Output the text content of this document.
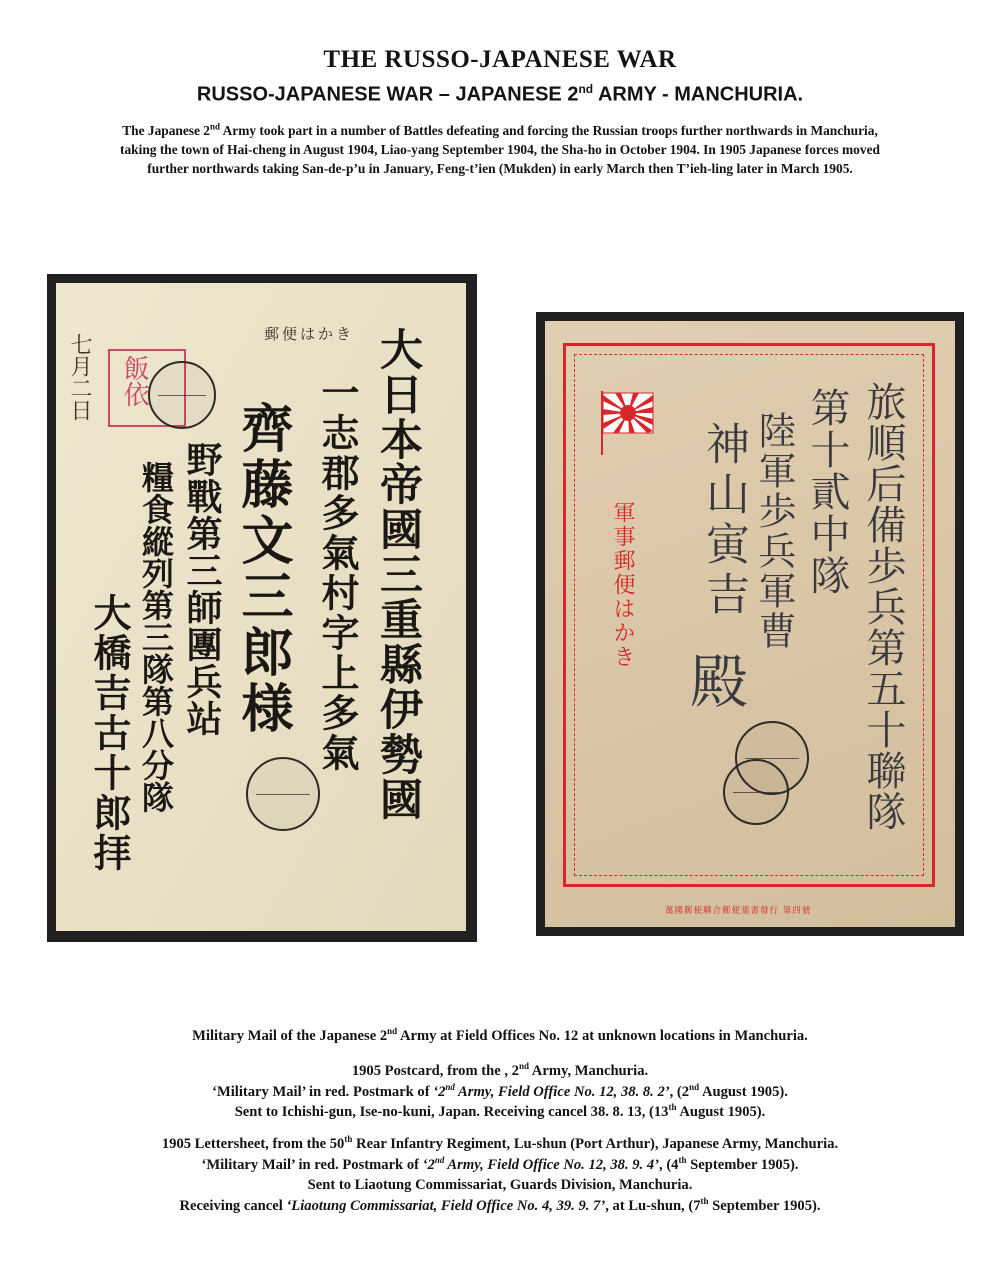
THE RUSSO-JAPANESE WAR
RUSSO-JAPANESE WAR – JAPANESE 2nd ARMY - MANCHURIA.
The Japanese 2nd Army took part in a number of Battles defeating and forcing the Russian troops further northwards in Manchuria,
taking the town of Hai-cheng in August 1904, Liao-yang September 1904, the Sha-ho in October 1904. In 1905 Japanese forces moved
further northwards taking San-de-p’u in January, Feng-t’ien (Mukden) in early March then T’ieh-ling later in March 1905.
郵便はかき
七月二日 飯依	大日本帝國三重縣伊勢國
一志郡多氣村字上多氣
齊藤文三郎様
野戰第三師團兵站
糧食縱列第三隊第八分隊
大橋吉古十郎拝
軍事郵便はかき
萬國郵便聯合郵便葉書發行 第四號
旅順后備歩兵第五十聯隊
第十貳中隊
陸軍歩兵軍曹
神山寅吉
殿
Military Mail of the Japanese 2nd Army at Field Offices No. 12 at unknown locations in Manchuria.
1905 Postcard, from the , 2nd Army, Manchuria.
‘Military Mail’ in red. Postmark of ‘2nd Army, Field Office No. 12, 38. 8. 2’, (2nd August 1905).
Sent to Ichishi-gun, Ise-no-kuni, Japan. Receiving cancel 38. 8. 13, (13th August 1905).
1905 Lettersheet, from the 50th Rear Infantry Regiment, Lu-shun (Port Arthur), Japanese Army, Manchuria.
‘Military Mail’ in red. Postmark of ‘2nd Army, Field Office No. 12, 38. 9. 4’, (4th September 1905).
Sent to Liaotung Commissariat, Guards Division, Manchuria.
Receiving cancel ‘Liaotung Commissariat, Field Office No. 4, 39. 9. 7’, at Lu-shun, (7th September 1905).
